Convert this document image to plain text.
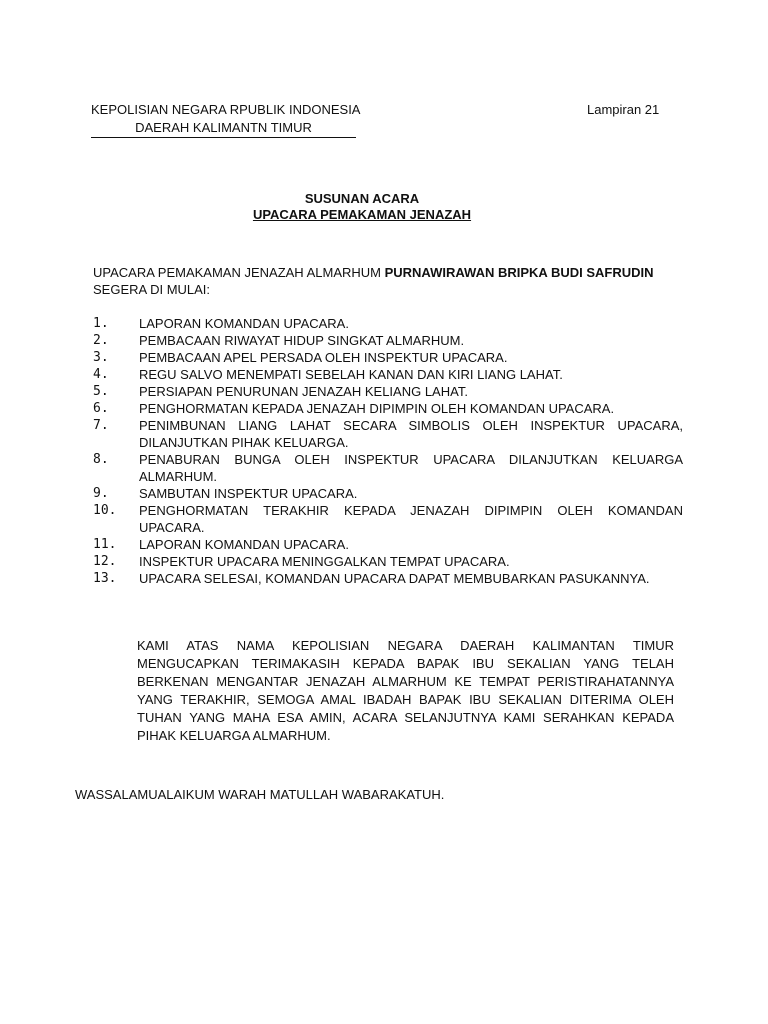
KEPOLISIAN NEGARA RPUBLIK INDONESIA
DAERAH KALIMANTN TIMUR
Lampiran 21
SUSUNAN ACARA
UPACARA PEMAKAMAN JENAZAH
UPACARA PEMAKAMAN JENAZAH ALMARHUM PURNAWIRAWAN BRIPKA BUDI SAFRUDIN
SEGERA DI MULAI:
1. LAPORAN KOMANDAN UPACARA.
2. PEMBACAAN RIWAYAT HIDUP SINGKAT ALMARHUM.
3. PEMBACAAN APEL PERSADA OLEH INSPEKTUR UPACARA.
4. REGU SALVO MENEMPATI SEBELAH KANAN DAN KIRI LIANG LAHAT.
5. PERSIAPAN PENURUNAN JENAZAH KELIANG LAHAT.
6. PENGHORMATAN KEPADA JENAZAH DIPIMPIN OLEH KOMANDAN UPACARA.
7. PENIMBUNAN LIANG LAHAT SECARA SIMBOLIS OLEH INSPEKTUR UPACARA, DILANJUTKAN PIHAK KELUARGA.
8. PENABURAN BUNGA OLEH INSPEKTUR UPACARA DILANJUTKAN KELUARGA ALMARHUM.
9. SAMBUTAN INSPEKTUR UPACARA.
10. PENGHORMATAN TERAKHIR KEPADA JENAZAH DIPIMPIN OLEH KOMANDAN UPACARA.
11. LAPORAN KOMANDAN UPACARA.
12. INSPEKTUR UPACARA MENINGGALKAN TEMPAT UPACARA.
13. UPACARA SELESAI, KOMANDAN UPACARA DAPAT MEMBUBARKAN PASUKANNYA.
KAMI ATAS NAMA KEPOLISIAN NEGARA DAERAH KALIMANTAN TIMUR MENGUCAPKAN TERIMAKASIH KEPADA BAPAK IBU SEKALIAN YANG TELAH BERKENAN MENGANTAR JENAZAH ALMARHUM KE TEMPAT PERISTIRAHATANNYA YANG TERAKHIR, SEMOGA AMAL IBADAH BAPAK IBU SEKALIAN DITERIMA OLEH TUHAN YANG MAHA ESA AMIN, ACARA SELANJUTNYA KAMI SERAHKAN KEPADA PIHAK KELUARGA ALMARHUM.
WASSALAMUALAIKUM WARAH MATULLAH WABARAKATUH.
